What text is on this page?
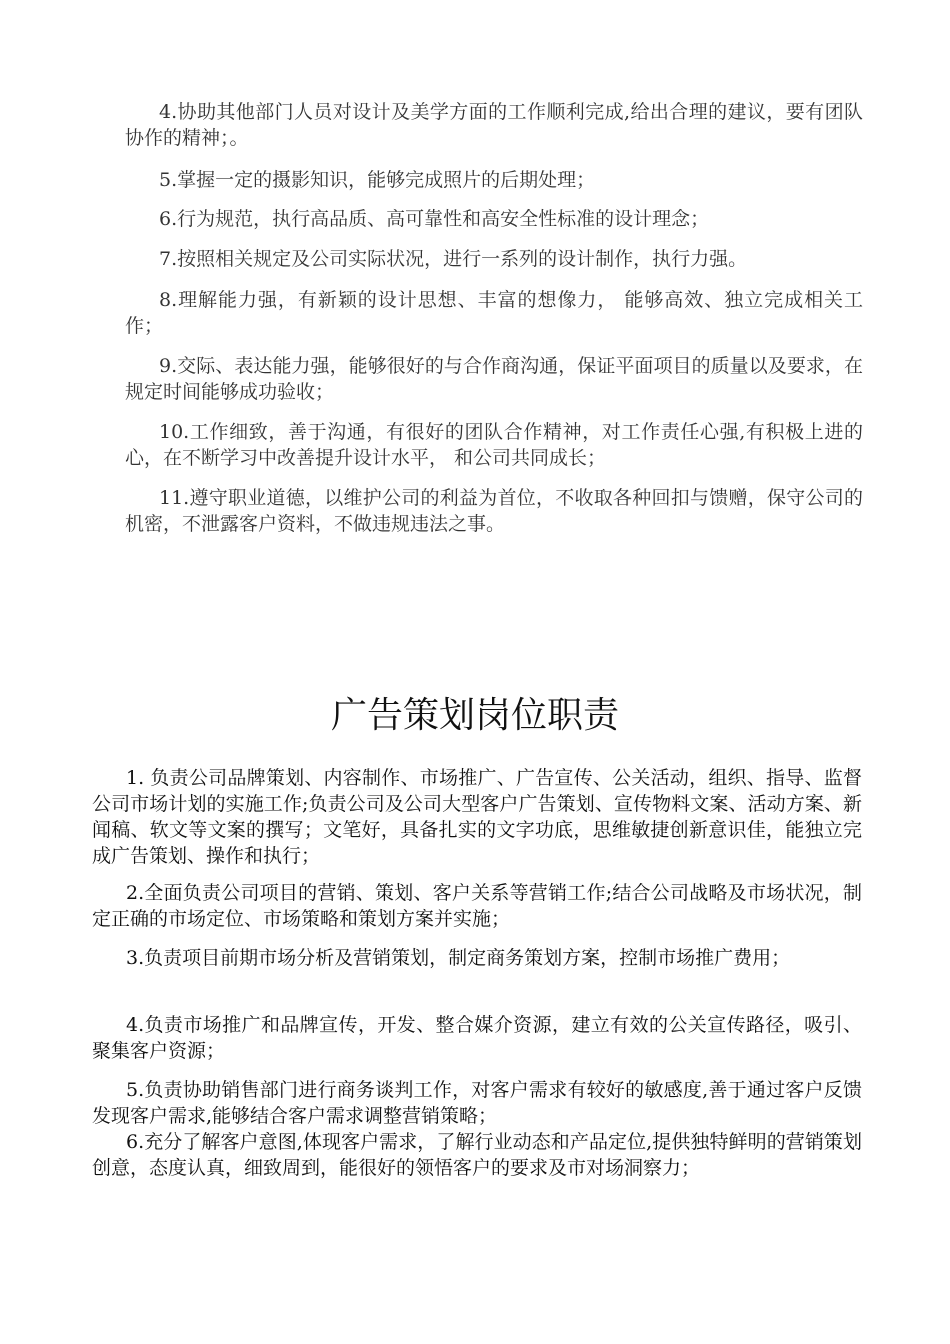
4.协助其他部门人员对设计及美学方面的工作顺利完成,给出合理的建议，要有团队协作的精神；。

5.掌握一定的摄影知识，能够完成照片的后期处理；

6.行为规范，执行高品质、高可靠性和高安全性标准的设计理念；

7.按照相关规定及公司实际状况，进行一系列的设计制作，执行力强。

8.理解能力强，有新颖的设计思想、丰富的想像力， 能够高效、独立完成相关工作；

9.交际、表达能力强，能够很好的与合作商沟通，保证平面项目的质量以及要求，在规定时间能够成功验收；

10.工作细致，善于沟通，有很好的团队合作精神，对工作责任心强,有积极上进的心，在不断学习中改善提升设计水平， 和公司共同成长；

11.遵守职业道德，以维护公司的利益为首位，不收取各种回扣与馈赠，保守公司的机密，不泄露客户资料，不做违规违法之事。

广告策划岗位职责

1. 负责公司品牌策划、内容制作、市场推广、广告宣传、公关活动，组织、指导、监督公司市场计划的实施工作;负责公司及公司大型客户广告策划、宣传物料文案、活动方案、新闻稿、软文等文案的撰写；文笔好，具备扎实的文字功底，思维敏捷创新意识佳，能独立完成广告策划、操作和执行；

2.全面负责公司项目的营销、策划、客户关系等营销工作;结合公司战略及市场状况，制定正确的市场定位、市场策略和策划方案并实施；

3.负责项目前期市场分析及营销策划，制定商务策划方案，控制市场推广费用；

4.负责市场推广和品牌宣传，开发、整合媒介资源，建立有效的公关宣传路径，吸引、聚集客户资源；

5.负责协助销售部门进行商务谈判工作，对客户需求有较好的敏感度,善于通过客户反馈发现客户需求,能够结合客户需求调整营销策略；

6.充分了解客户意图,体现客户需求，了解行业动态和产品定位,提供独特鲜明的营销策划创意，态度认真，细致周到，能很好的领悟客户的要求及市对场洞察力；
